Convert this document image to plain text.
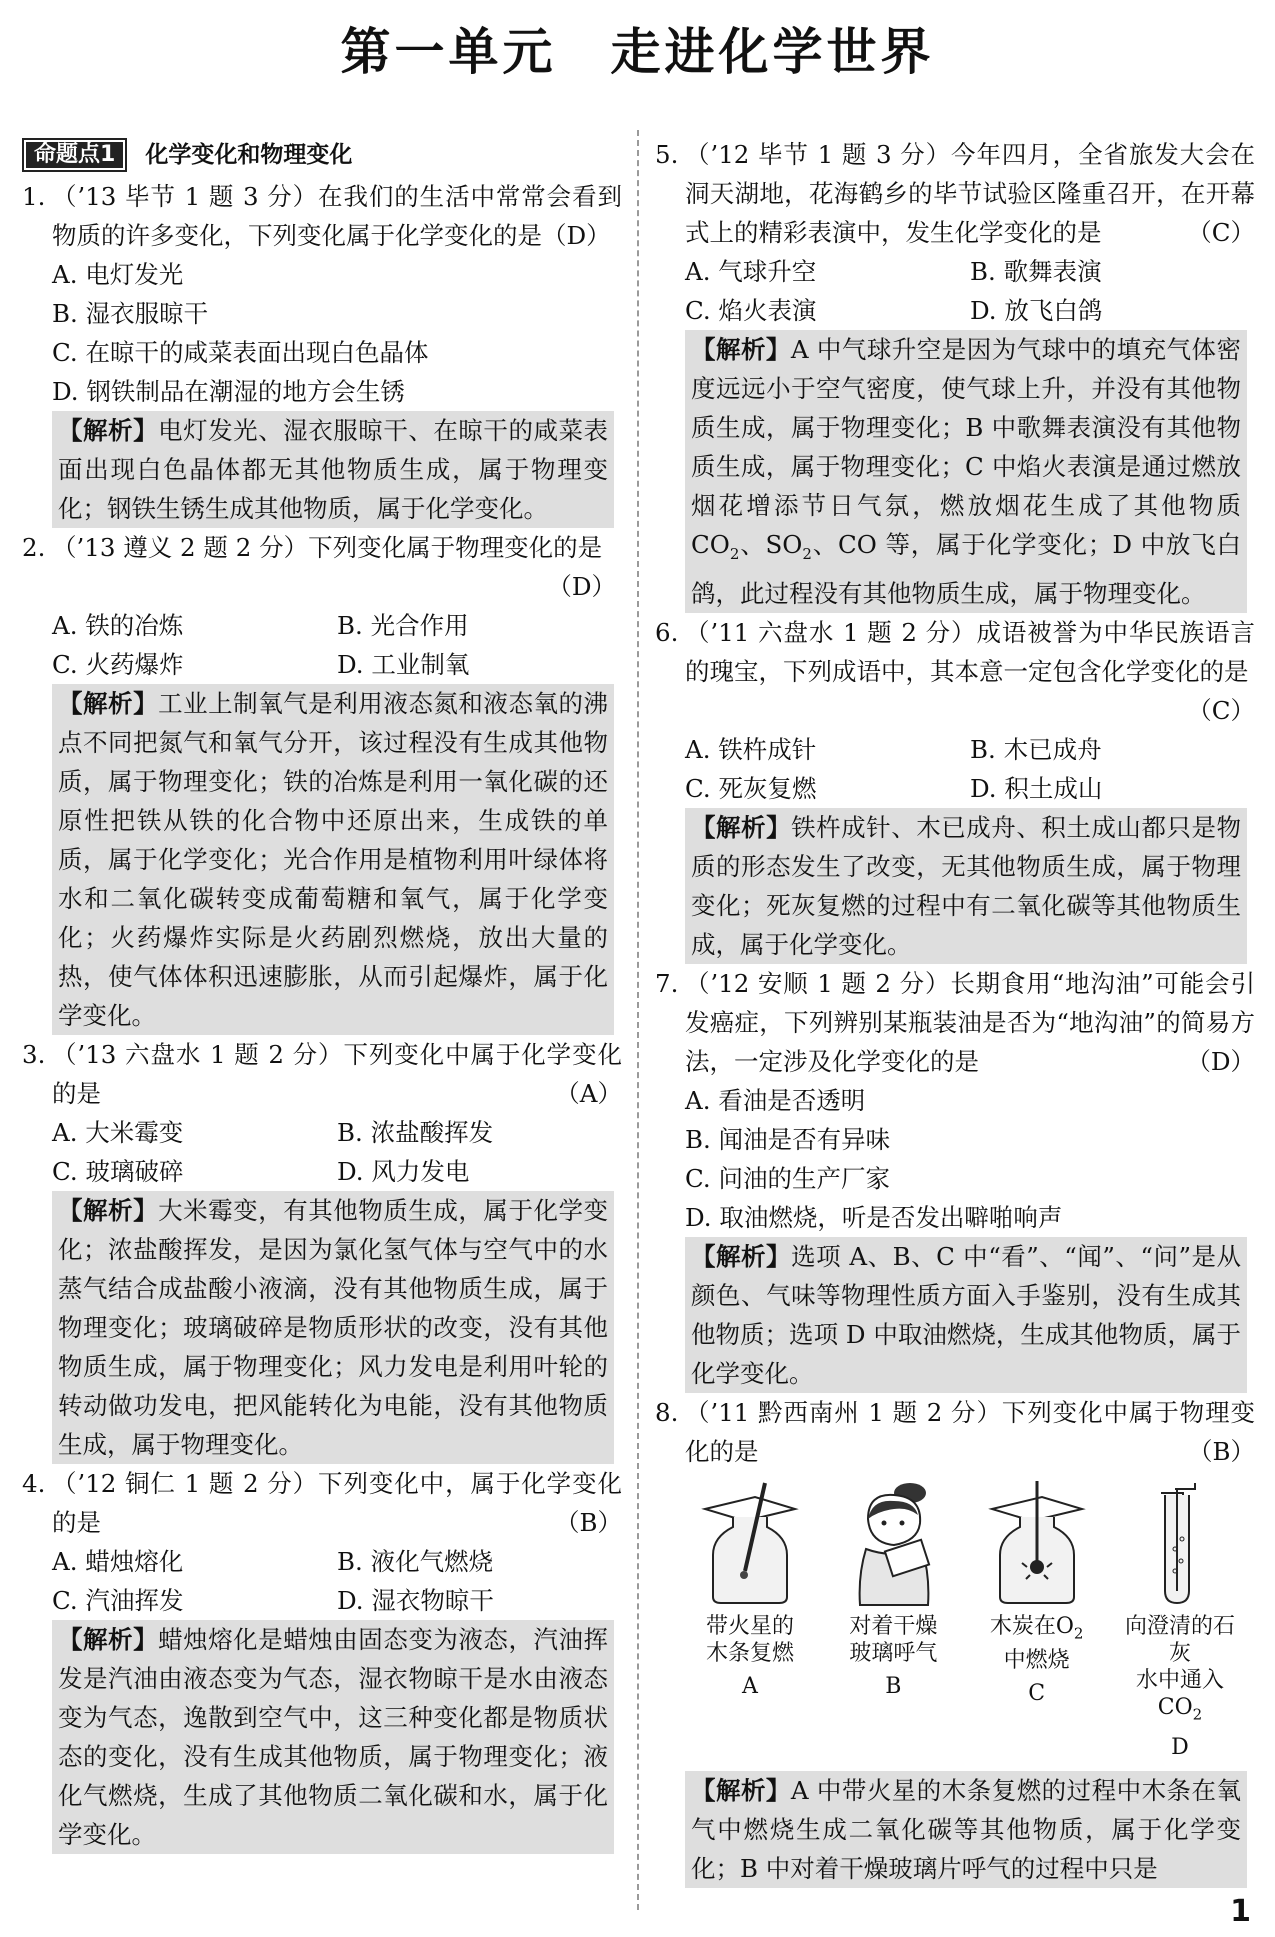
第一单元　走进化学世界
命题点1	化学变化和物理变化
1. （’13 毕节 1 题 3 分）在我们的生活中常常会看到物质的许多变化，下列变化属于化学变化的是（D）
A. 电灯发光
B. 湿衣服晾干
C. 在晾干的咸菜表面出现白色晶体
D. 钢铁制品在潮湿的地方会生锈
【解析】电灯发光、湿衣服晾干、在晾干的咸菜表面出现白色晶体都无其他物质生成，属于物理变化；钢铁生锈生成其他物质，属于化学变化。
2. （’13 遵义 2 题 2 分）下列变化属于物理变化的是
（D）
A. 铁的冶炼	B. 光合作用
C. 火药爆炸	D. 工业制氧
【解析】工业上制氧气是利用液态氮和液态氧的沸点不同把氮气和氧气分开，该过程没有生成其他物质，属于物理变化；铁的冶炼是利用一氧化碳的还原性把铁从铁的化合物中还原出来，生成铁的单质，属于化学变化；光合作用是植物利用叶绿体将水和二氧化碳转变成葡萄糖和氧气，属于化学变化；火药爆炸实际是火药剧烈燃烧，放出大量的热，使气体体积迅速膨胀，从而引起爆炸，属于化学变化。
3. （’13 六盘水 1 题 2 分）下列变化中属于化学变化的是	（A）
A. 大米霉变	B. 浓盐酸挥发
C. 玻璃破碎	D. 风力发电
【解析】大米霉变，有其他物质生成，属于化学变化；浓盐酸挥发，是因为氯化氢气体与空气中的水蒸气结合成盐酸小液滴，没有其他物质生成，属于物理变化；玻璃破碎是物质形状的改变，没有其他物质生成，属于物理变化；风力发电是利用叶轮的转动做功发电，把风能转化为电能，没有其他物质生成，属于物理变化。
4. （’12 铜仁 1 题 2 分）下列变化中，属于化学变化的是	（B）
A. 蜡烛熔化	B. 液化气燃烧
C. 汽油挥发	D. 湿衣物晾干
【解析】蜡烛熔化是蜡烛由固态变为液态，汽油挥发是汽油由液态变为气态，湿衣物晾干是水由液态变为气态，逸散到空气中，这三种变化都是物质状态的变化，没有生成其他物质，属于物理变化；液化气燃烧，生成了其他物质二氧化碳和水，属于化学变化。
5. （’12 毕节 1 题 3 分）今年四月，全省旅发大会在洞天湖地，花海鹤乡的毕节试验区隆重召开，在开幕式上的精彩表演中，发生化学变化的是	（C）
A. 气球升空	B. 歌舞表演
C. 焰火表演	D. 放飞白鸽
【解析】A 中气球升空是因为气球中的填充气体密度远远小于空气密度，使气球上升，并没有其他物质生成，属于物理变化；B 中歌舞表演没有其他物质生成，属于物理变化；C 中焰火表演是通过燃放烟花增添节日气氛，燃放烟花生成了其他物质 $CO_2$、$SO_2$、CO 等，属于化学变化；D 中放飞白鸽，此过程没有其他物质生成，属于物理变化。
6. （’11 六盘水 1 题 2 分）成语被誉为中华民族语言的瑰宝，下列成语中，其本意一定包含化学变化的是
（C）
A. 铁杵成针	B. 木已成舟
C. 死灰复燃	D. 积土成山
【解析】铁杵成针、木已成舟、积土成山都只是物质的形态发生了改变，无其他物质生成，属于物理变化；死灰复燃的过程中有二氧化碳等其他物质生成，属于化学变化。
7. （’12 安顺 1 题 2 分）长期食用“地沟油”可能会引发癌症，下列辨别某瓶装油是否为“地沟油”的简易方法，一定涉及化学变化的是	（D）
A. 看油是否透明
B. 闻油是否有异味
C. 问油的生产厂家
D. 取油燃烧，听是否发出噼啪响声
【解析】选项 A、B、C 中“看”、“闻”、“问”是从颜色、气味等物理性质方面入手鉴别，没有生成其他物质；选项 D 中取油燃烧，生成其他物质，属于化学变化。
8. （’11 黔西南州 1 题 2 分）下列变化中属于物理变化的是	（B）
带火星的
木条复燃
A
对着干燥
玻璃呼气
B
木炭在$O_2$
中燃烧
C
向澄清的石灰
水中通入$CO_2$
D
【解析】A 中带火星的木条复燃的过程中木条在氧气中燃烧生成二氧化碳等其他物质，属于化学变化；B 中对着干燥玻璃片呼气的过程中只是
1
